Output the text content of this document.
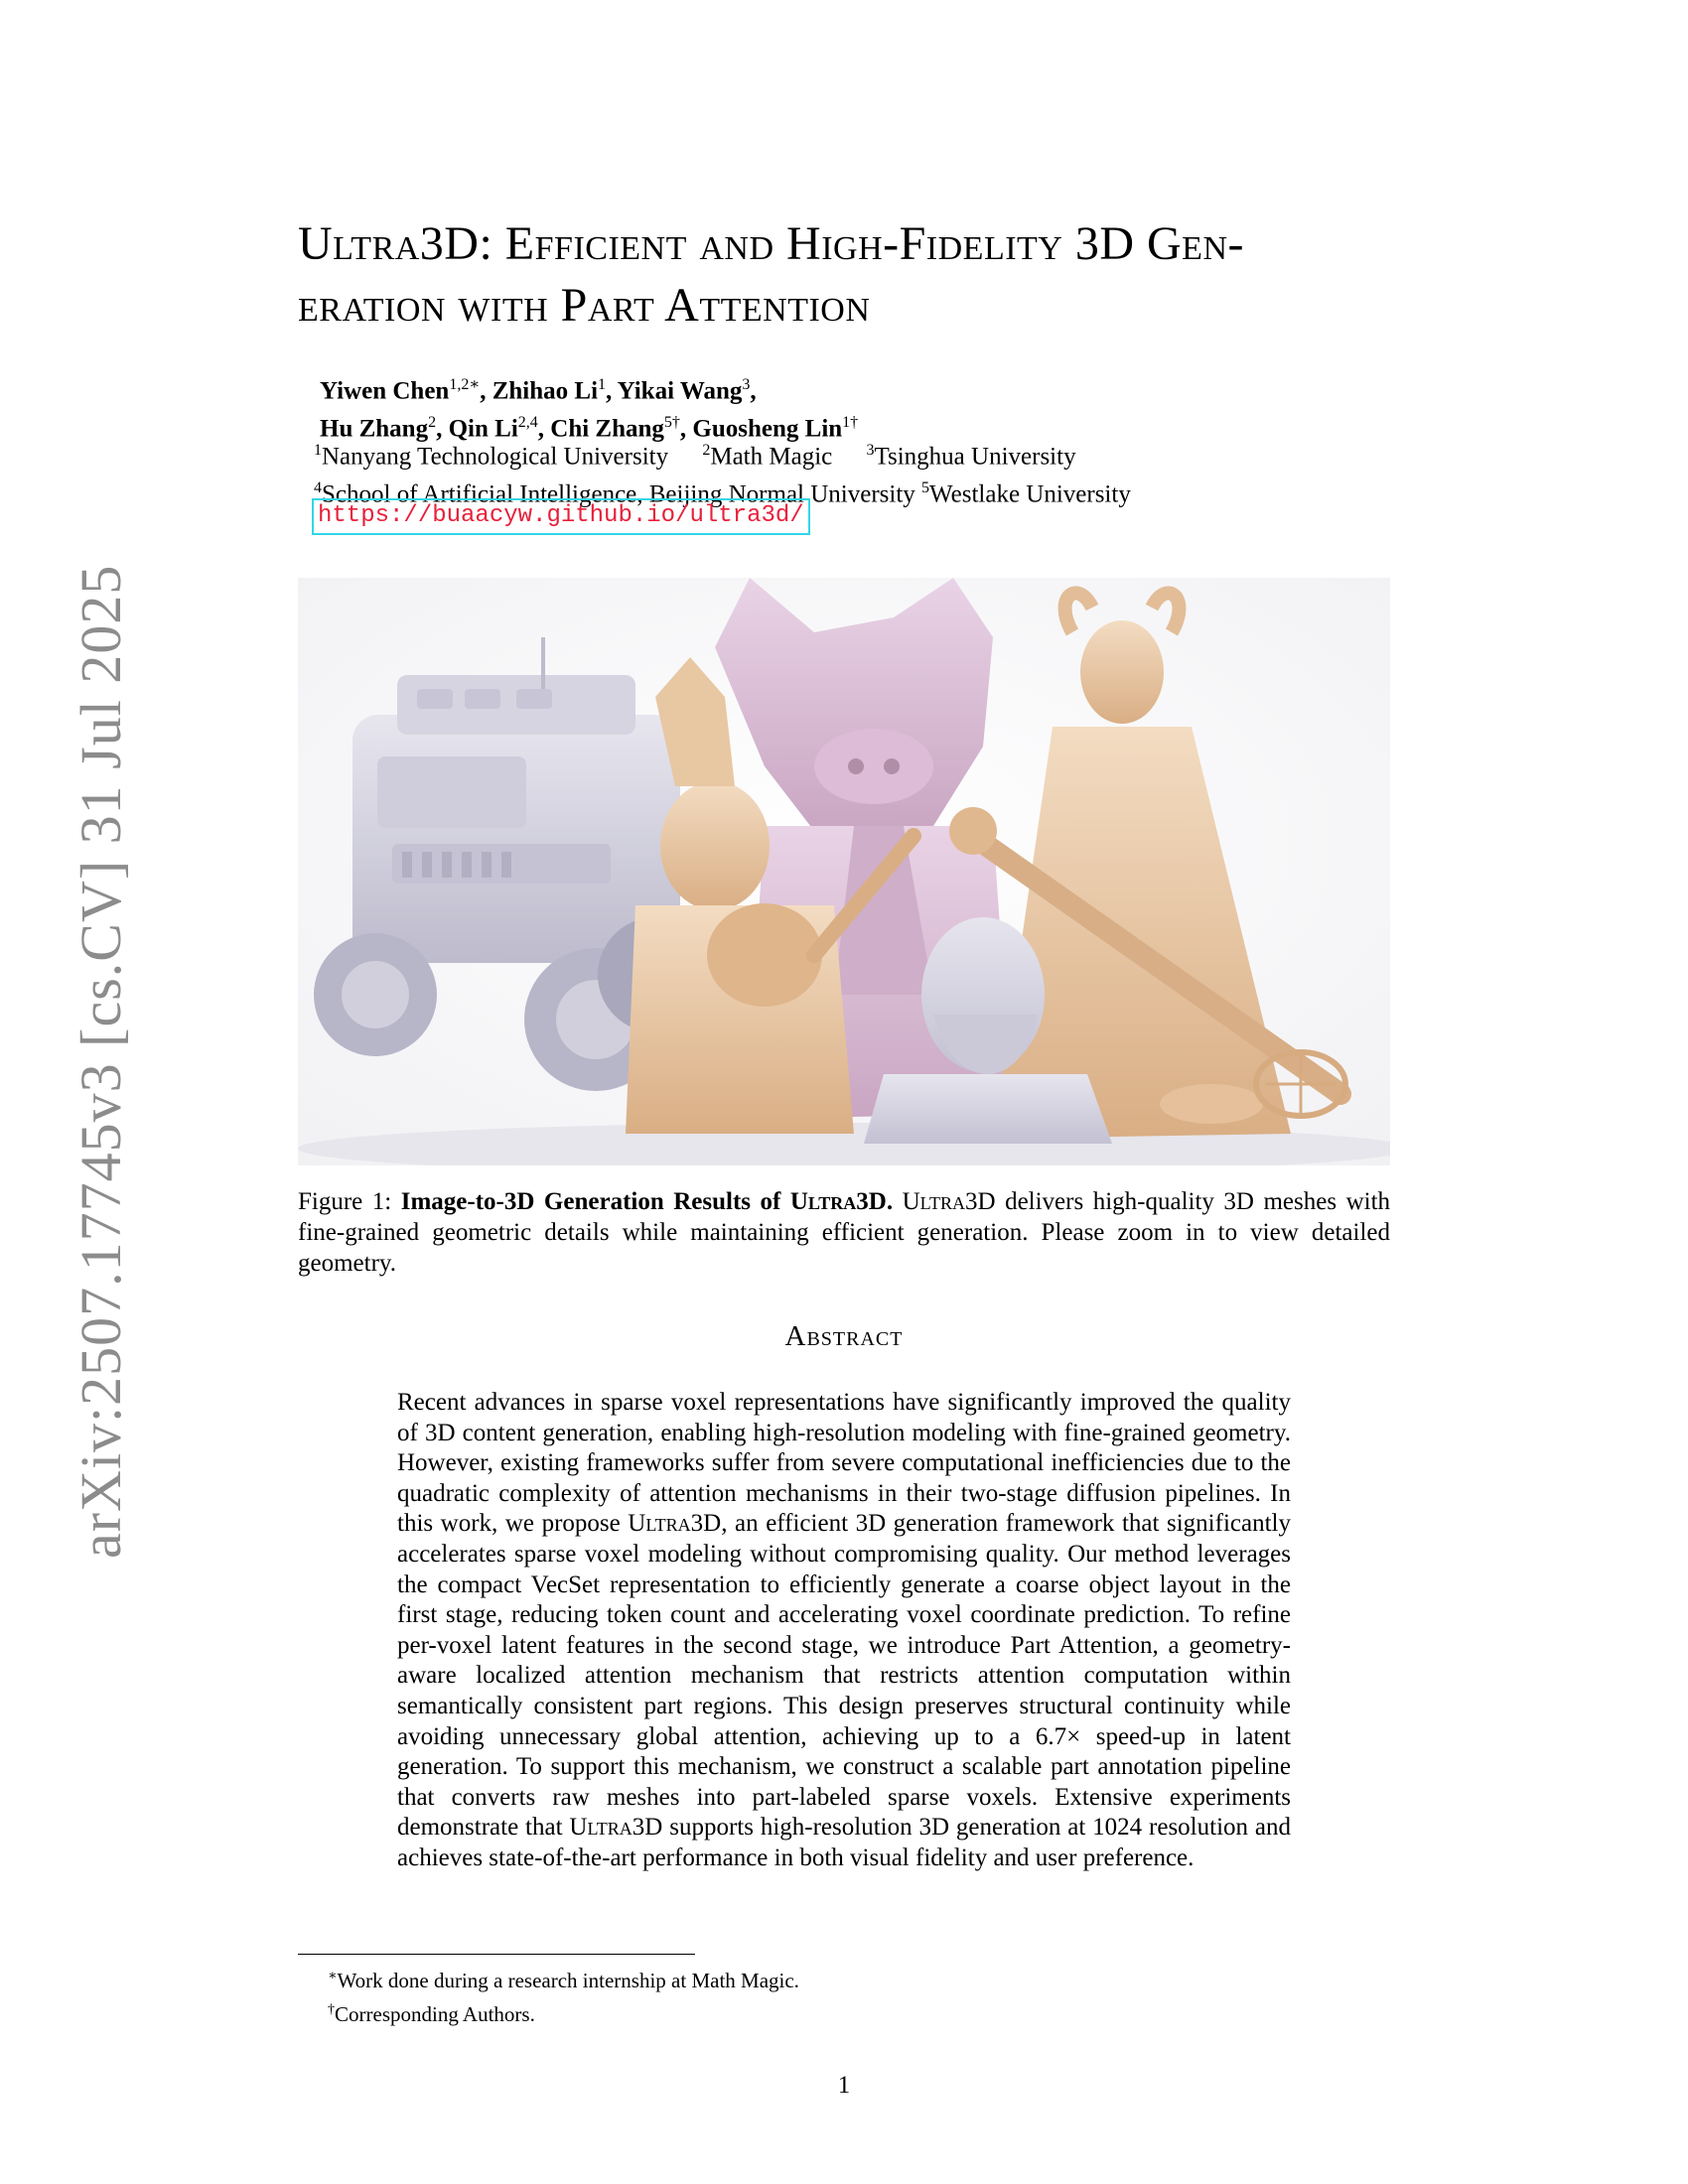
arXiv:2507.17745v3 [cs.CV] 31 Jul 2025
Ultra3D: Efficient and High-Fidelity 3D Gen-
eration with Part Attention
Yiwen Chen$^{1,2∗}$, Zhihao Li$^1$, Yikai Wang$^3$,
Hu Zhang$^2$, Qin Li$^{2,4}$, Chi Zhang$^{5\dagger}$, Guosheng Lin$^{1\dagger}$
$^1$Nanyang Technological University $^2$Math Magic $^3$Tsinghua University
$^4$School of Artificial Intelligence, Beijing Normal University $^5$Westlake University
https://buaacyw.github.io/ultra3d/
Figure 1: Image-to-3D Generation Results of Ultra3D. Ultra3D delivers high-quality 3D meshes with fine-grained geometric details while maintaining efficient generation. Please zoom in to view detailed geometry.
Abstract
Recent advances in sparse voxel representations have significantly improved the quality of 3D content generation, enabling high-resolution modeling with fine-grained geometry. However, existing frameworks suffer from severe computational inefficiencies due to the quadratic complexity of attention mechanisms in their two-stage diffusion pipelines. In this work, we propose Ultra3D, an efficient 3D generation framework that significantly accelerates sparse voxel modeling without compromising quality. Our method leverages the compact VecSet representation to efficiently generate a coarse object layout in the first stage, reducing token count and accelerating voxel coordinate prediction. To refine per-voxel latent features in the second stage, we introduce Part Attention, a geometry-aware localized attention mechanism that restricts attention computation within semantically consistent part regions. This design preserves structural continuity while avoiding unnecessary global attention, achieving up to a 6.7× speed-up in latent generation. To support this mechanism, we construct a scalable part annotation pipeline that converts raw meshes into part-labeled sparse voxels. Extensive experiments demonstrate that Ultra3D supports high-resolution 3D generation at 1024 resolution and achieves state-of-the-art performance in both visual fidelity and user preference.
∗Work done during a research internship at Math Magic.
†Corresponding Authors.
1
